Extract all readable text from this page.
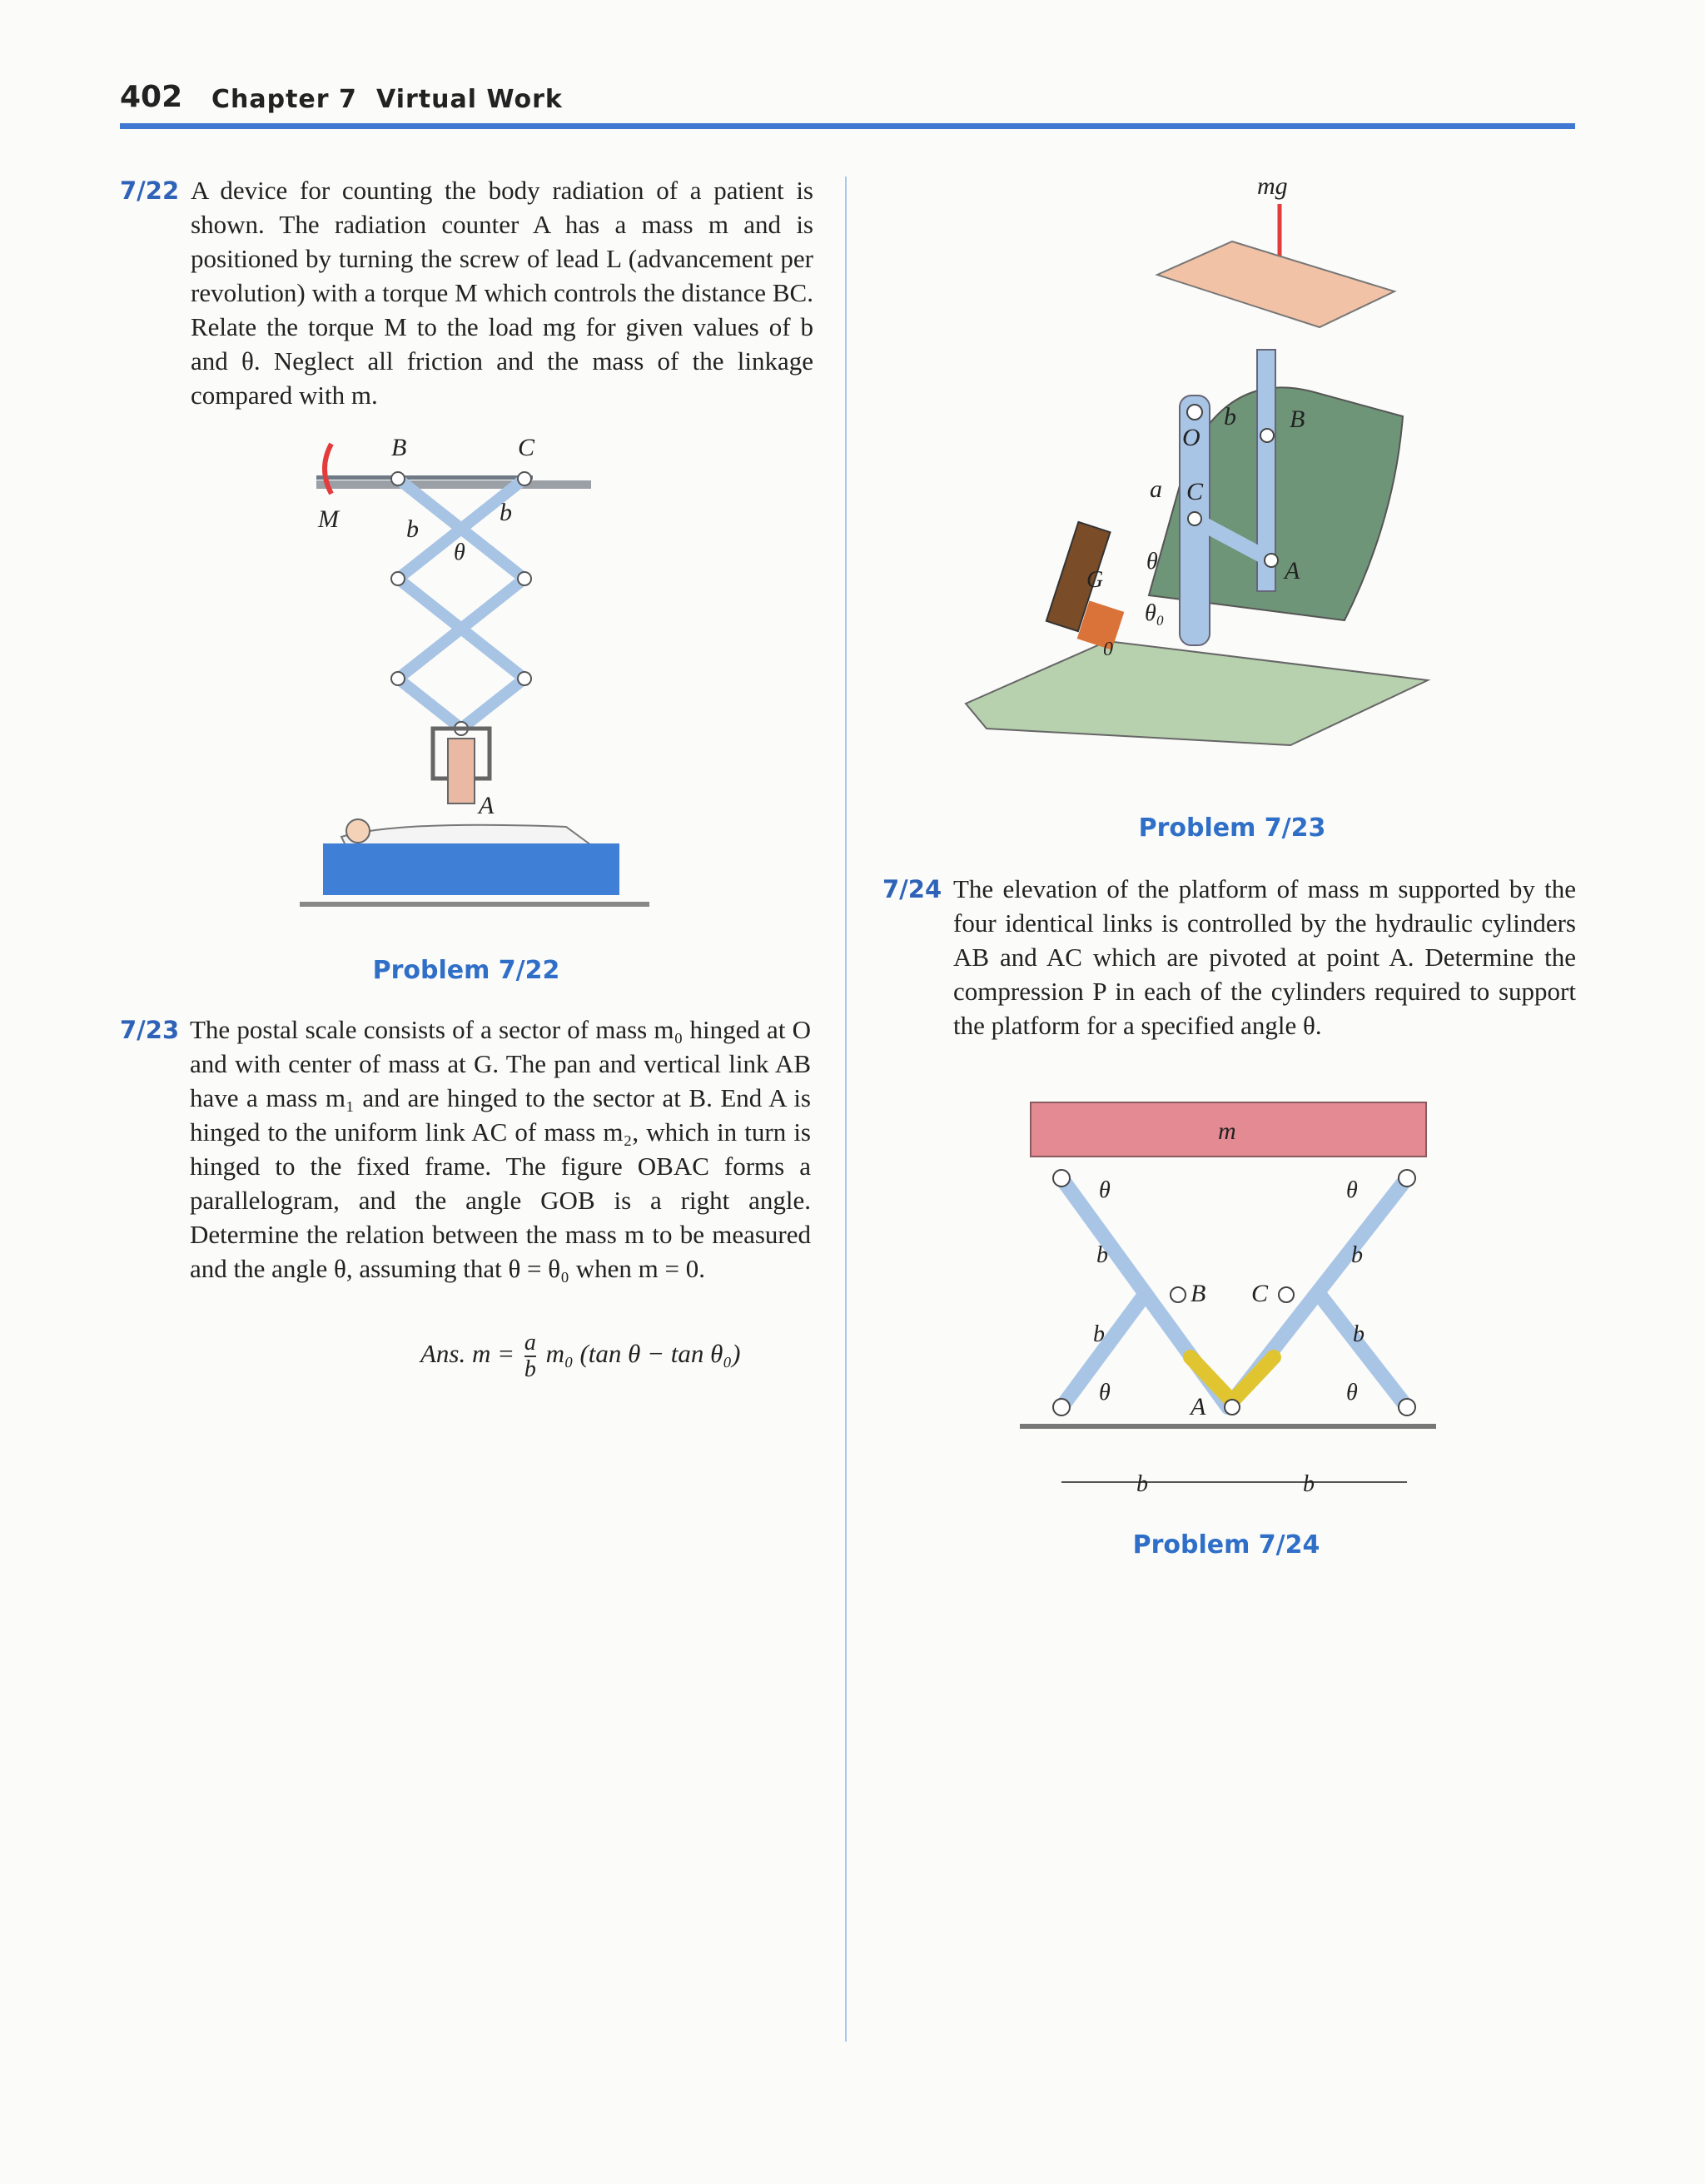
402 Chapter 7 Virtual Work
7/22 A device for counting the body radiation of a patient is shown. The radiation counter A has a mass m and is positioned by turning the screw of lead L (advancement per revolution) with a torque M which controls the distance BC. Relate the torque M to the load mg for given values of b and θ. Neglect all friction and the mass of the linkage compared with m.
M
B	C
b
b
θ
A
Problem 7/22
7/23 The postal scale consists of a sector of mass m₀ hinged at O and with center of mass at G. The pan and vertical link AB have a mass m₁ and are hinged to the sector at B. End A is hinged to the uniform link AC of mass m₂, which in turn is hinged to the fixed frame. The figure OBAC forms a parallelogram, and the angle GOB is a right angle. Determine the relation between the mass m to be measured and the angle θ, assuming that θ = θ₀ when m = 0.
Ans. $m = \frac{a}{b} m_0$ (tan θ − tan θ₀)
mg
O
b B
a C
G
θ
θ₀
0
A
Problem 7/23
7/24 The elevation of the platform of mass m supported by the four identical links is controlled by the hydraulic cylinders AB and AC which are pivoted at point A. Determine the compression P in each of the cylinders required to support the platform for a specified angle θ.
m
θ	θ
b	b
B C
b	b
θ	θ
A
b	b
Problem 7/24
